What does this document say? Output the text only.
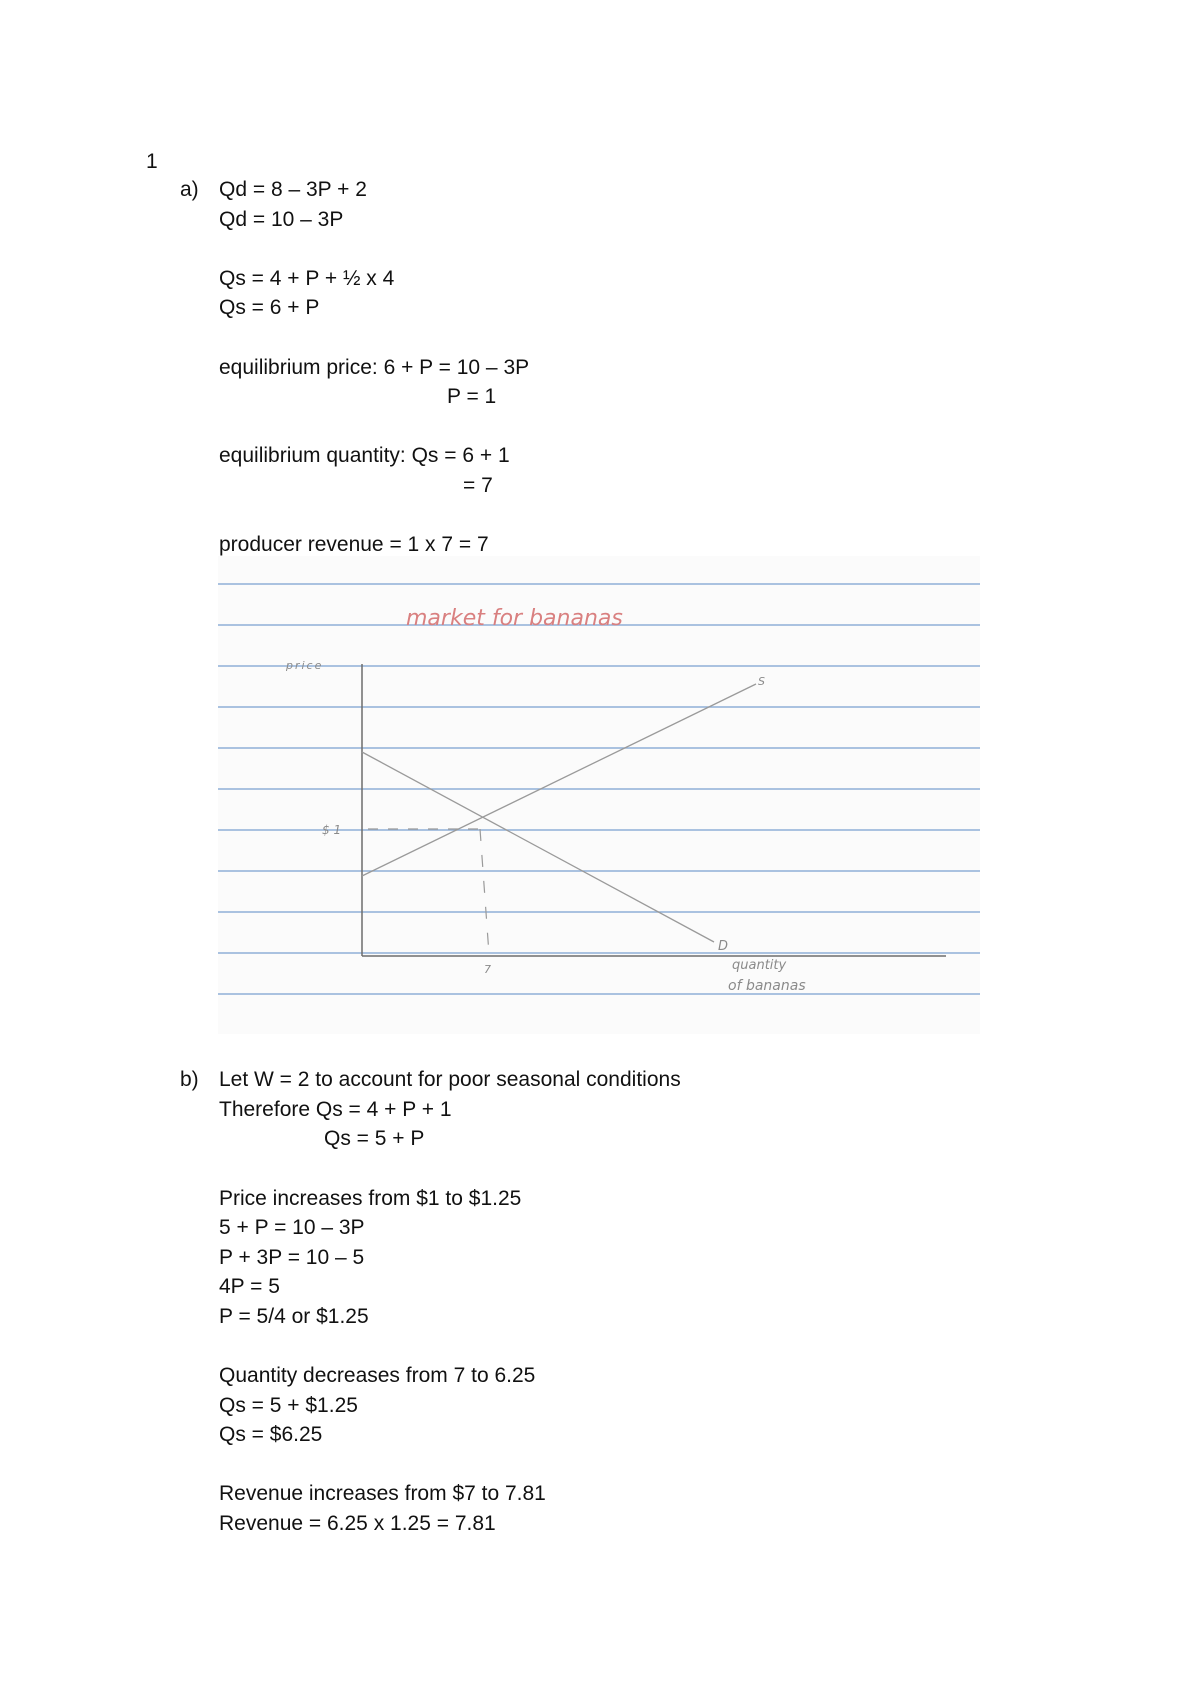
1
a) Qd = 8 – 3P + 2
Qd = 10 – 3P
Qs = 4 + P + ½ x 4
Qs = 6 + P
equilibrium price: 6 + P = 10 – 3P
P = 1
equilibrium quantity: Qs = 6 + 1
= 7
producer revenue = 1 x 7 = 7
market for bananas
price
S
D
$ 1
7	quantity
of bananas
b) Let W = 2 to account for poor seasonal conditions
Therefore Qs = 4 + P + 1
Qs = 5 + P
Price increases from $1 to $1.25
5 + P = 10 – 3P
P + 3P = 10 – 5
4P = 5
P = 5/4 or $1.25
Quantity decreases from 7 to 6.25
Qs = 5 + $1.25
Qs = $6.25
Revenue increases from $7 to 7.81
Revenue = 6.25 x 1.25 = 7.81
